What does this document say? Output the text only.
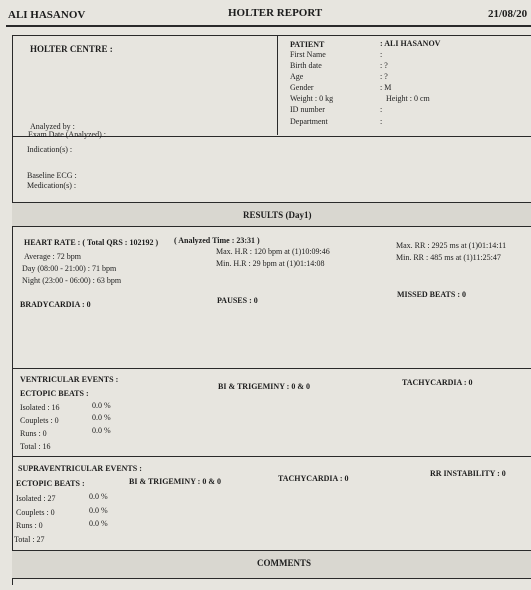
ALI HASANOV	HOLTER REPORT	21/08/20
HOLTER CENTRE :
Analyzed by :
Exam Date (Analyzed) :
PATIENT	: ALI HASANOV
First Name	:
Birth date	: ?
Age	: ?
Gender	: M
Weight : 0 kg	Height : 0 cm
ID number	:
Department	:
Indication(s) :
Baseline ECG :
Medication(s) :
RESULTS (Day1)
HEART RATE : ( Total QRS : 102192 ) ( Analyzed Time : 23:31 )
Average : 72 bpm
Day (08:00 - 21:00) : 71 bpm
Night (23:00 - 06:00) : 63 bpm
Max. H.R : 120 bpm at (1)10:09:46
Min. H.R : 29 bpm at (1)01:14:08
Max. RR : 2925 ms at (1)01:14:11
Min. RR : 485 ms at (1)11:25:47
BRADYCARDIA : 0	PAUSES : 0
MISSED BEATS : 0
VENTRICULAR EVENTS :
ECTOPIC BEATS :
Isolated : 16	0.0 %
Couplets : 0	0.0 %
Runs : 0	0.0 %
Total : 16
BI & TRIGEMINY : 0 & 0	TACHYCARDIA : 0
SUPRAVENTRICULAR EVENTS :
ECTOPIC BEATS :
Isolated : 27	0.0 %
Couplets : 0	0.0 %
Runs : 0	0.0 %
Total : 27
BI & TRIGEMINY : 0 & 0	TACHYCARDIA : 0
RR INSTABILITY : 0
COMMENTS
